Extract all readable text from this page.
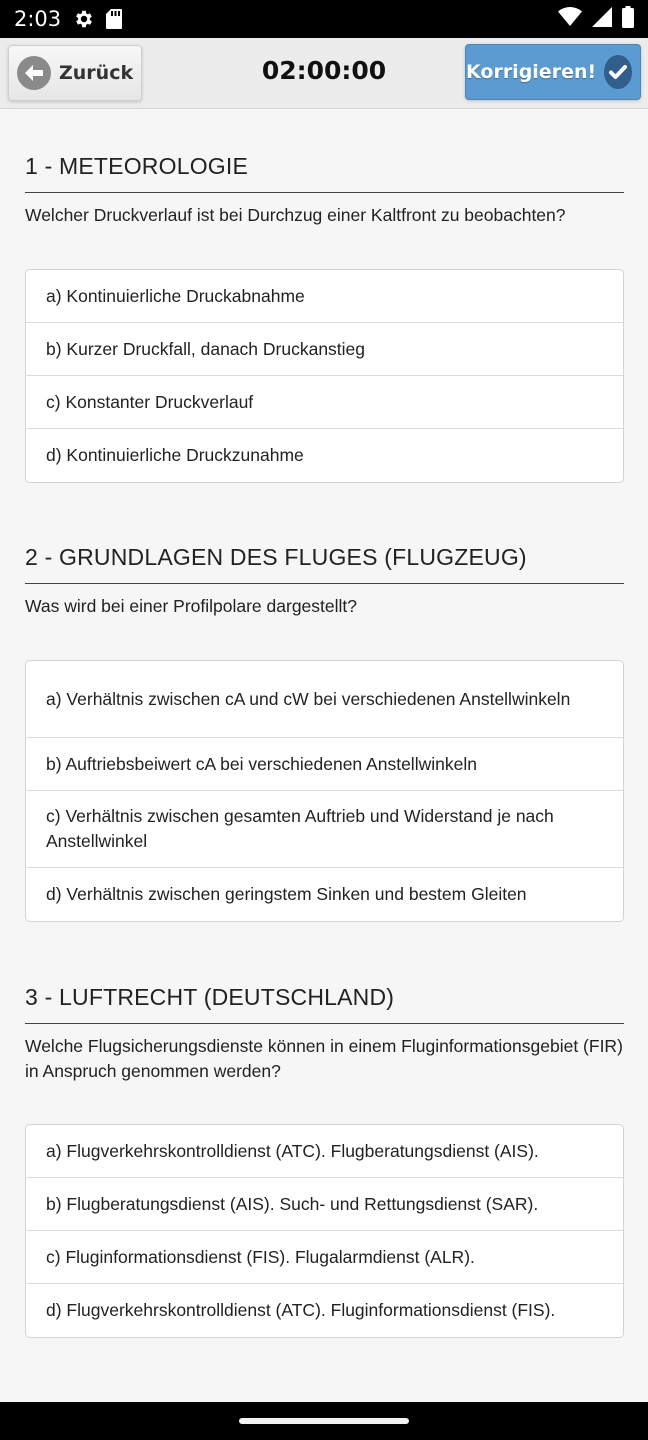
2:03
Zurück	02:00:00	Korrigieren!
1 - METEOROLOGIE
Welcher Druckverlauf ist bei Durchzug einer Kaltfront zu beobachten?
a) Kontinuierliche Druckabnahme
b) Kurzer Druckfall, danach Druckanstieg
c) Konstanter Druckverlauf
d) Kontinuierliche Druckzunahme
2 - GRUNDLAGEN DES FLUGES (FLUGZEUG)
Was wird bei einer Profilpolare dargestellt?
a) Verhältnis zwischen cA und cW bei verschiedenen Anstellwinkeln
b) Auftriebsbeiwert cA bei verschiedenen Anstellwinkeln
c) Verhältnis zwischen gesamten Auftrieb und Widerstand je nach Anstellwinkel
d) Verhältnis zwischen geringstem Sinken und bestem Gleiten
3 - LUFTRECHT (DEUTSCHLAND)
Welche Flugsicherungsdienste können in einem Fluginformationsgebiet (FIR) in Anspruch genommen werden?
a) Flugverkehrskontrolldienst (ATC). Flugberatungsdienst (AIS).
b) Flugberatungsdienst (AIS). Such- und Rettungsdienst (SAR).
c) Fluginformationsdienst (FIS). Flugalarmdienst (ALR).
d) Flugverkehrskontrolldienst (ATC). Fluginformationsdienst (FIS).
